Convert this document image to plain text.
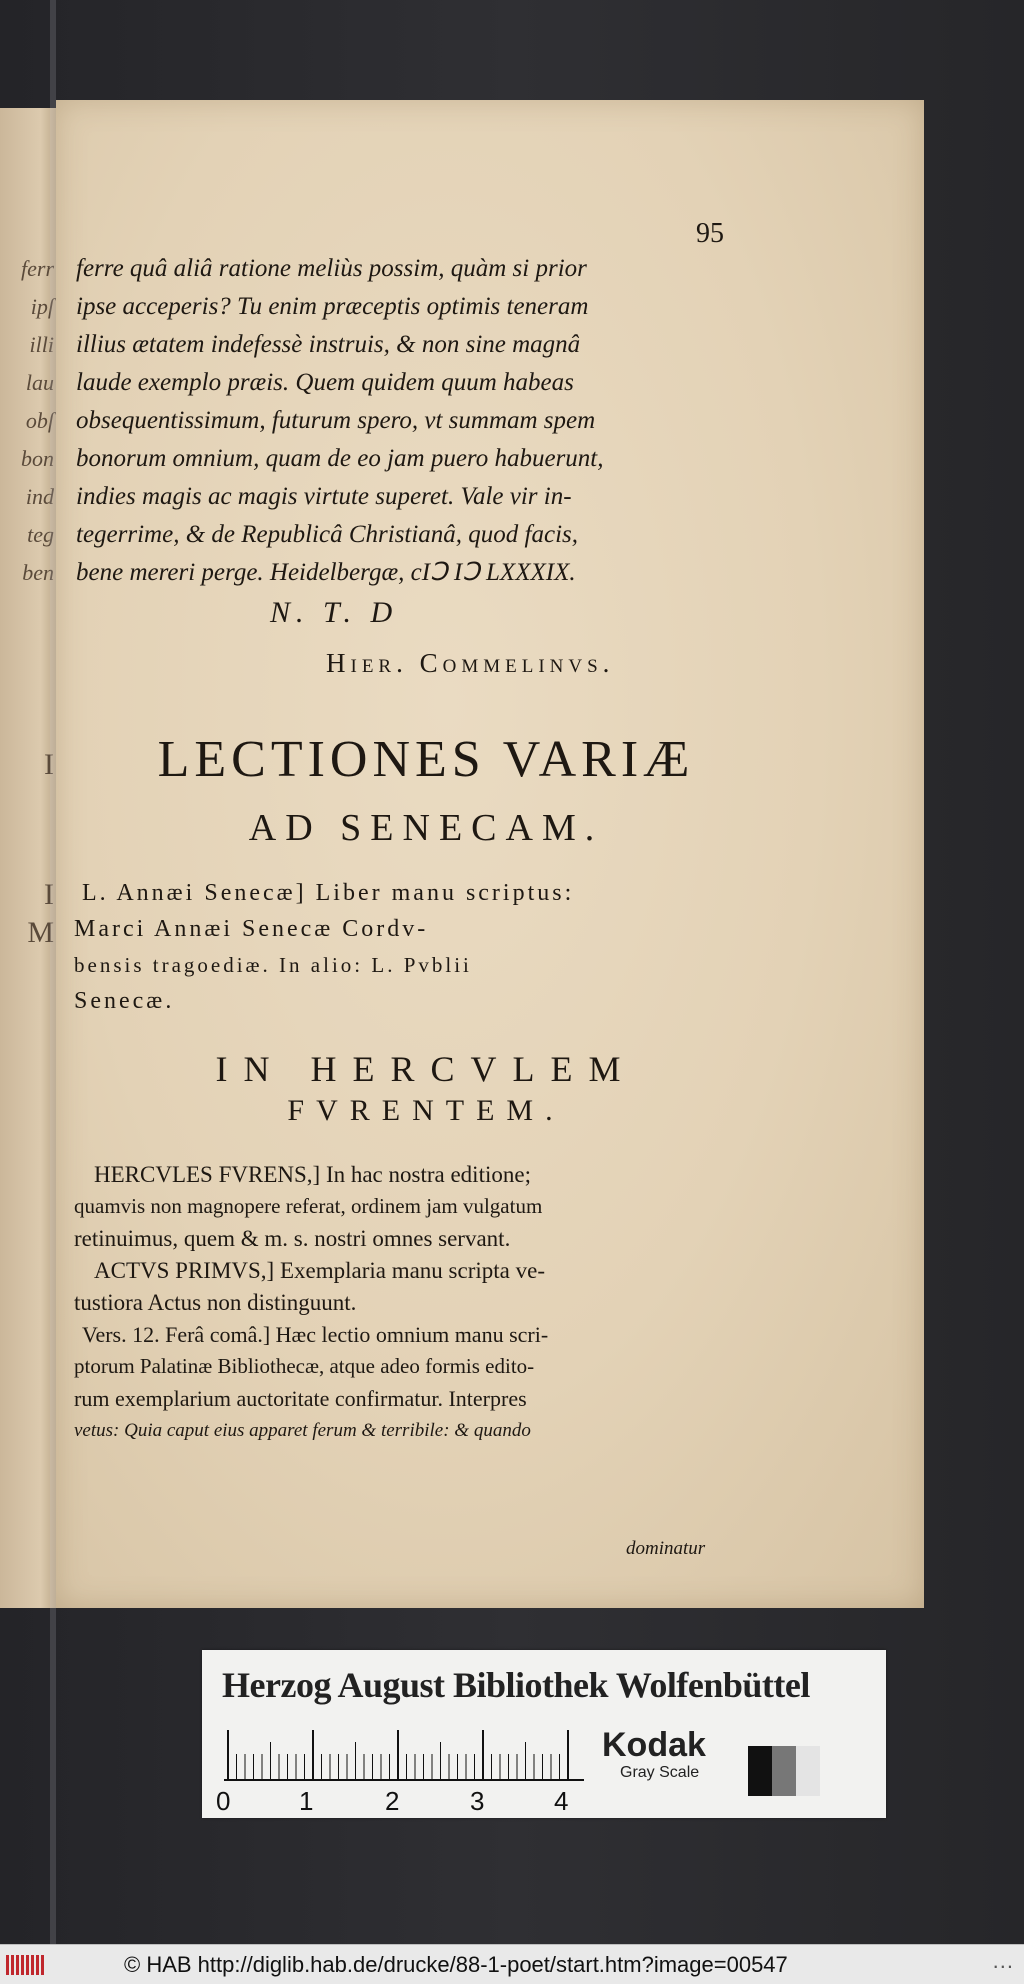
ferr
ipſ
illi
lau
obſ
bon
ind
teg
ben
I
I
M
95
ferre quâ aliâ ratione meliùs possim, quàm si prior
ipse acceperis? Tu enim præceptis optimis teneram
illius ætatem indefessè instruis, & non sine magnâ
laude exemplo præis. Quem quidem quum habeas
obsequentissimum, futurum spero, vt summam spem
bonorum omnium, quam de eo jam puero habuerunt,
indies magis ac magis virtute superet. Vale vir in-
tegerrime, & de Republicâ Christianâ, quod facis,
bene mereri perge. Heidelbergæ, cIↃ IↃ LXXXIX.
N. T. D
Hier. Commelinvs.
LECTIONES VARIÆ
AD SENECAM.
L. Annæi Senecæ] Liber manu scriptus:
Marci Annæi Senecæ Cordv-
bensis tragoediæ. In alio: L. Pvblii
Senecæ.
IN HERCVLEM
FVRENTEM.
HERCVLES FVRENS,] In hac nostra editione;
quamvis non magnopere referat, ordinem jam vulgatum
retinuimus, quem & m. s. nostri omnes servant.
ACTVS PRIMVS,] Exemplaria manu scripta ve-
tustiora Actus non distinguunt.
Vers. 12. Ferâ comâ.] Hæc lectio omnium manu scri-
ptorum Palatinæ Bibliothecæ, atque adeo formis edito-
rum exemplarium auctoritate confirmatur. Interpres
vetus: Quia caput eius apparet ferum & terribile: & quando
dominatur
Herzog August Bibliothek Wolfenbüttel
0	1	2	3	4
Kodak
Gray Scale
© HAB http://diglib.hab.de/drucke/88-1-poet/start.htm?image=00547	...
